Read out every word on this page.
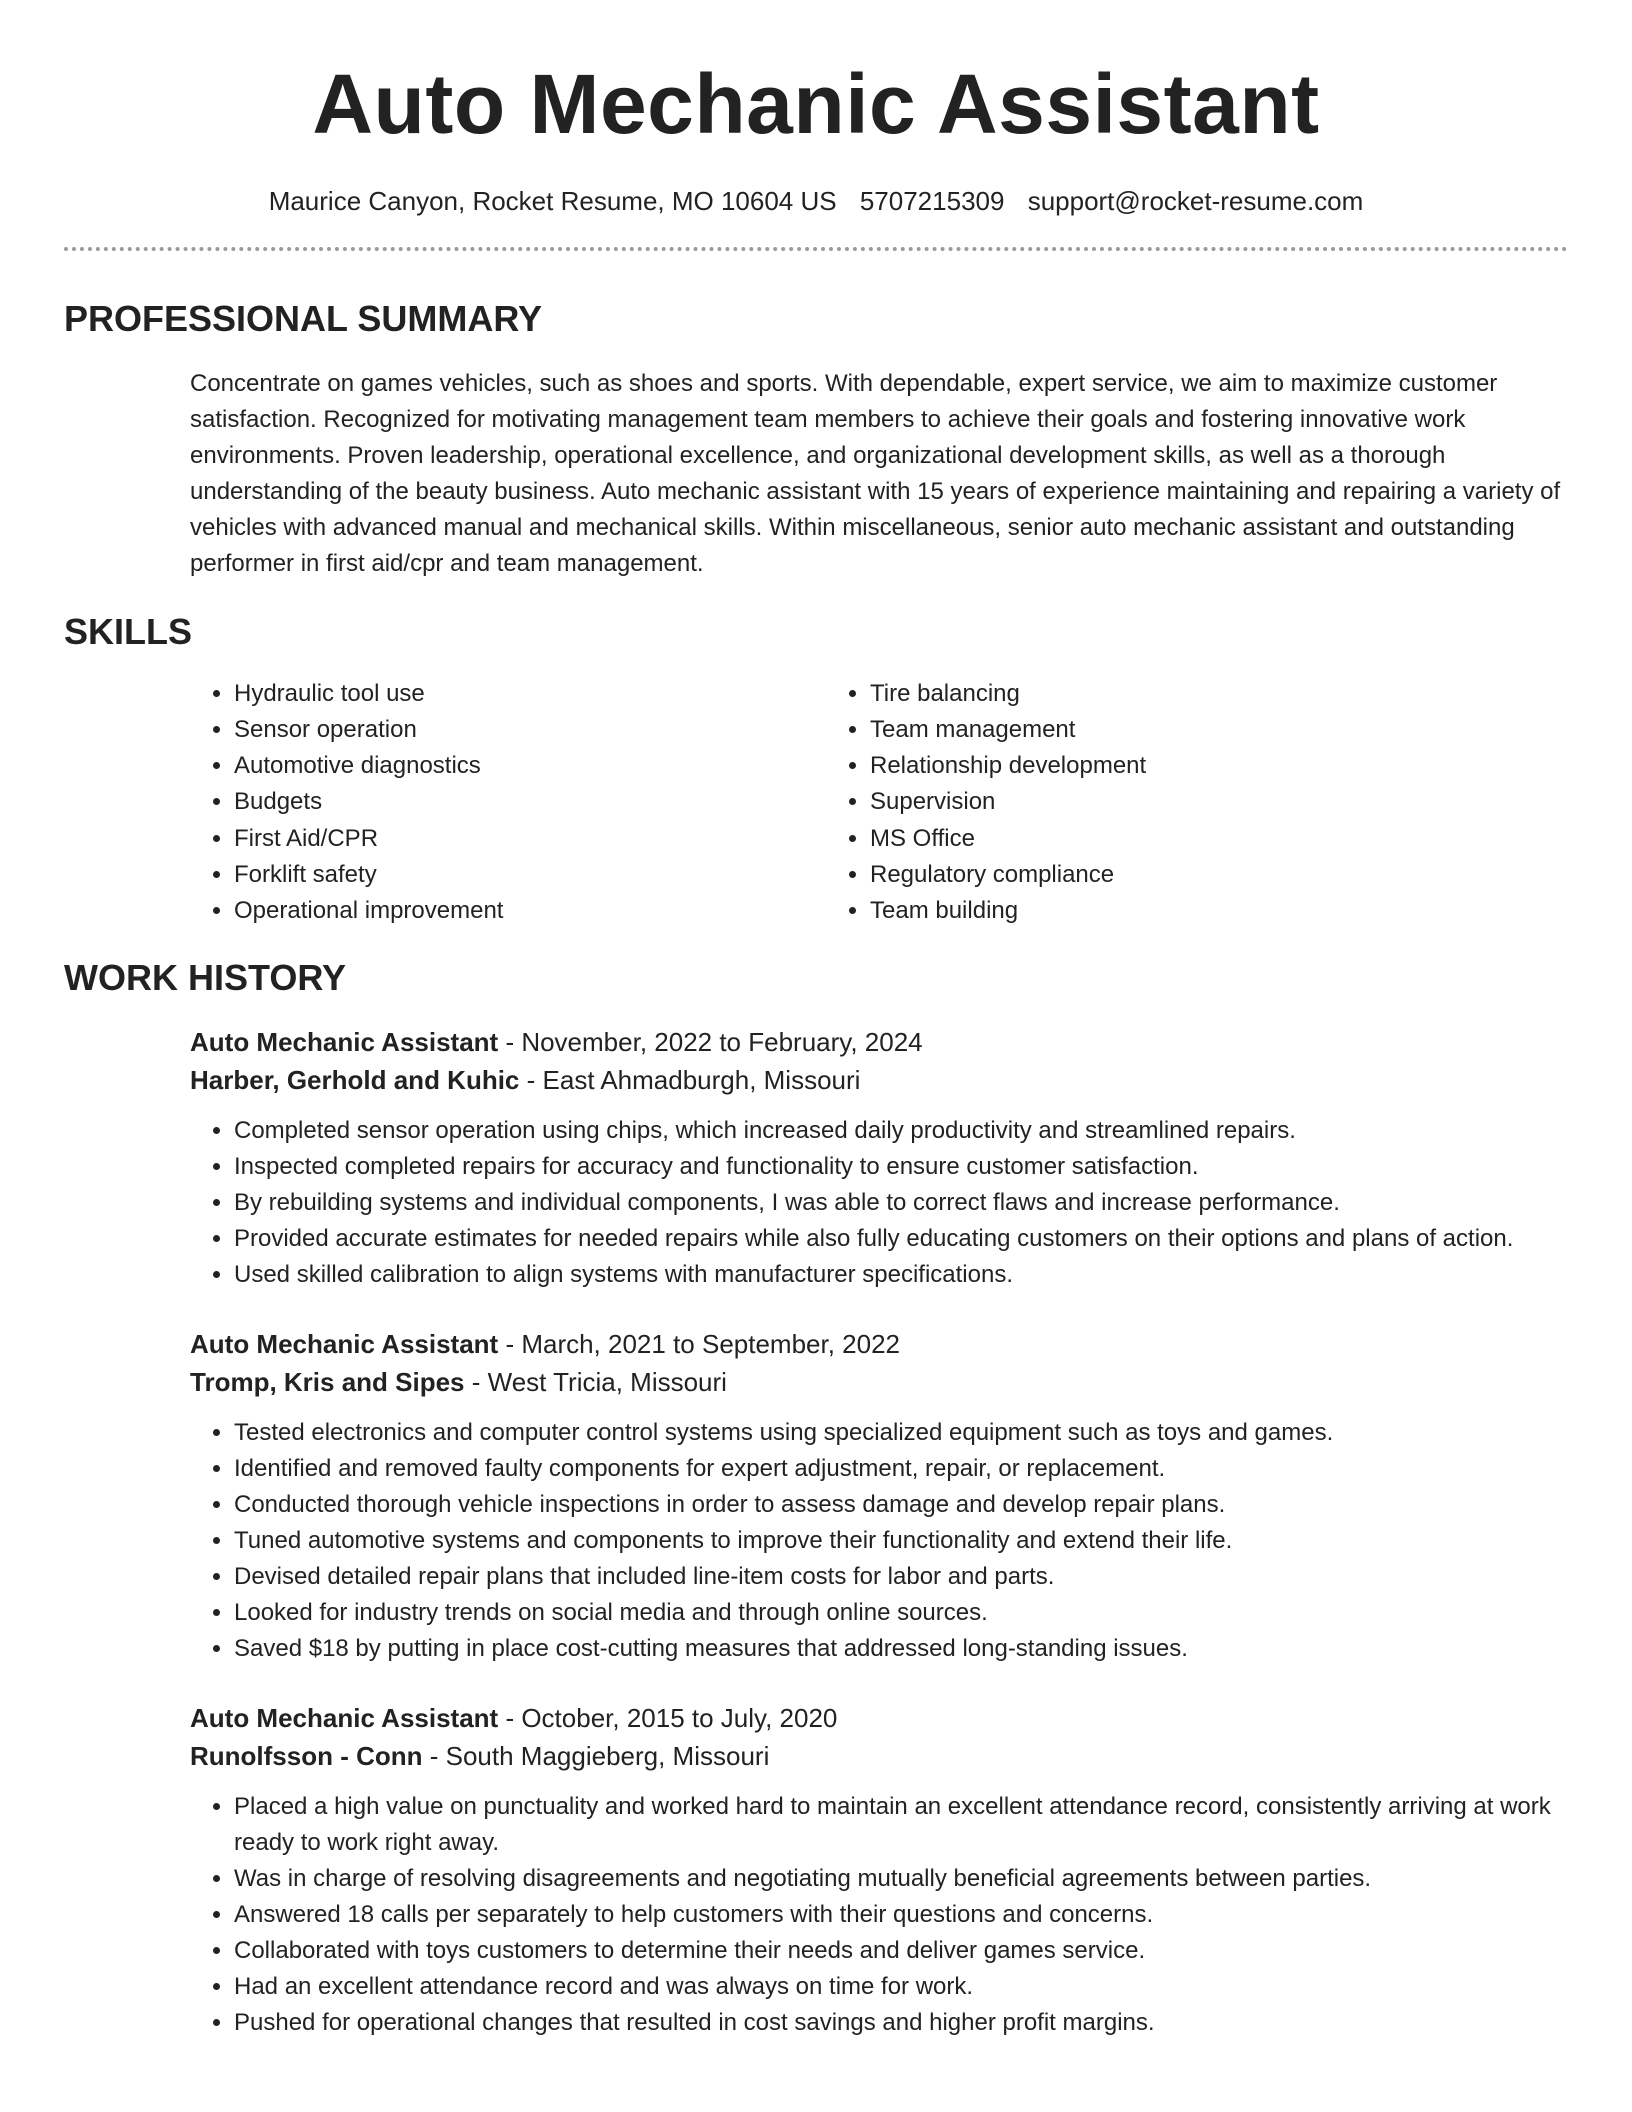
Auto Mechanic Assistant
Maurice Canyon, Rocket Resume, MO 10604 US 5707215309 support@rocket-resume.com
PROFESSIONAL SUMMARY

Concentrate on games vehicles, such as shoes and sports. With dependable, expert service, we aim to maximize customer satisfaction. Recognized for motivating management team members to achieve their goals and fostering innovative work environments. Proven leadership, operational excellence, and organizational development skills, as well as a thorough understanding of the beauty business. Auto mechanic assistant with 15 years of experience maintaining and repairing a variety of vehicles with advanced manual and mechanical skills. Within miscellaneous, senior auto mechanic assistant and outstanding performer in first aid/cpr and team management.

SKILLS
• Hydraulic tool use
• Sensor operation
• Automotive diagnostics
• Budgets
• First Aid/CPR
• Forklift safety
• Operational improvement
• Tire balancing
• Team management
• Relationship development
• Supervision
• MS Office
• Regulatory compliance
• Team building
WORK HISTORY
Auto Mechanic Assistant - November, 2022 to February, 2024
Harber, Gerhold and Kuhic - East Ahmadburgh, Missouri
• Completed sensor operation using chips, which increased daily productivity and streamlined repairs.
• Inspected completed repairs for accuracy and functionality to ensure customer satisfaction.
• By rebuilding systems and individual components, I was able to correct flaws and increase performance.
• Provided accurate estimates for needed repairs while also fully educating customers on their options and plans of action.
• Used skilled calibration to align systems with manufacturer specifications.
Auto Mechanic Assistant - March, 2021 to September, 2022
Tromp, Kris and Sipes - West Tricia, Missouri
• Tested electronics and computer control systems using specialized equipment such as toys and games.
• Identified and removed faulty components for expert adjustment, repair, or replacement.
• Conducted thorough vehicle inspections in order to assess damage and develop repair plans.
• Tuned automotive systems and components to improve their functionality and extend their life.
• Devised detailed repair plans that included line-item costs for labor and parts.
• Looked for industry trends on social media and through online sources.
• Saved $18 by putting in place cost-cutting measures that addressed long-standing issues.
Auto Mechanic Assistant - October, 2015 to July, 2020
Runolfsson - Conn - South Maggieberg, Missouri
• Placed a high value on punctuality and worked hard to maintain an excellent attendance record, consistently arriving at work ready to work right away.
• Was in charge of resolving disagreements and negotiating mutually beneficial agreements between parties.
• Answered 18 calls per separately to help customers with their questions and concerns.
• Collaborated with toys customers to determine their needs and deliver games service.
• Had an excellent attendance record and was always on time for work.
• Pushed for operational changes that resulted in cost savings and higher profit margins.
